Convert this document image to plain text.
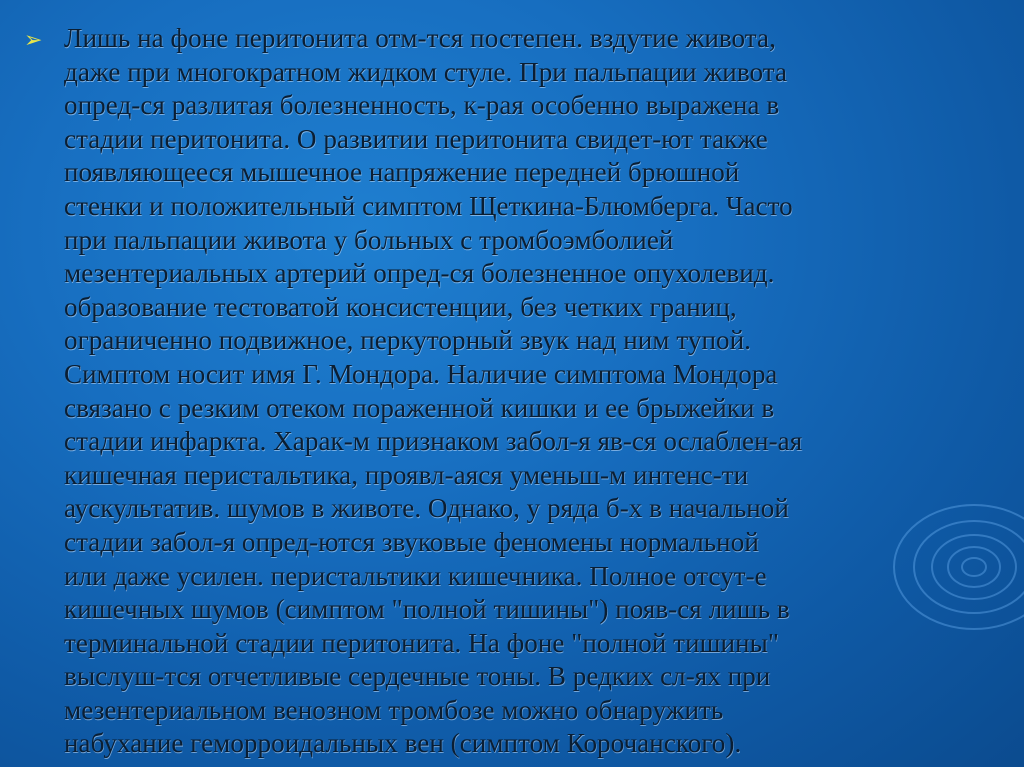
➢ Лишь на фоне перитонита отм-тся постепен. вздутие живота,
даже при многократном жидком стуле. При пальпации живота
опред-ся разлитая болезненность, к-рая особенно выражена в
стадии перитонита. О развитии перитонита свидет-ют также
появляющееся мышечное напряжение передней брюшной
стенки и положительный симптом Щеткина-Блюмберга. Часто
при пальпации живота у больных с тромбоэмболией
мезентериальных артерий опред-ся болезненное опухолевид.
образование тестоватой консистенции, без четких границ,
ограниченно подвижное, перкуторный звук над ним тупой.
Симптом носит имя Г. Мондора. Наличие симптома Мондора
связано с резким отеком пораженной кишки и ее брыжейки в
стадии инфаркта. Харак-м признаком забол-я яв-ся ослаблен-ая
кишечная перистальтика, проявл-аяся уменьш-м интенс-ти
аускультатив. шумов в животе. Однако, у ряда б-х в начальной
стадии забол-я опред-ются звуковые феномены нормальной
или даже усилен. перистальтики кишечника. Полное отсут-е
кишечных шумов (симптом "полной тишины") появ-ся лишь в
терминальной стадии перитонита. На фоне "полной тишины"
выслуш-тся отчетливые сердечные тоны. В редких сл-ях при
мезентериальном венозном тромбозе можно обнаружить
набухание геморроидальных вен (симптом Корочанского).
